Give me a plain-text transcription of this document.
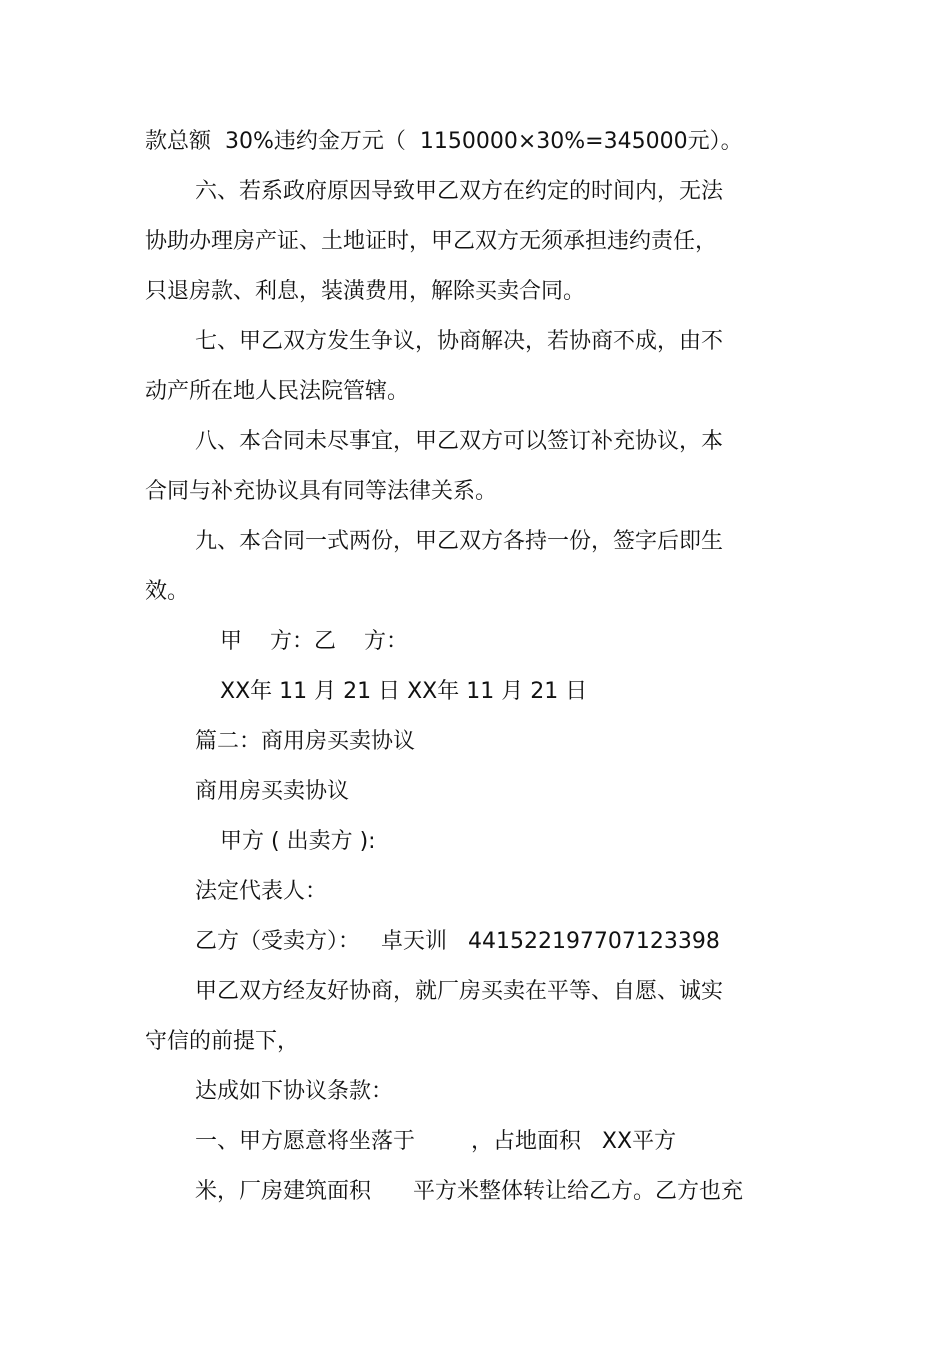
款总额  30%违约金万元（  1150000×30%=345000元）。
六、若系政府原因导致甲乙双方在约定的时间内，无法
协助办理房产证、土地证时，甲乙双方无须承担违约责任，
只退房款、利息，装潢费用，解除买卖合同。
七、甲乙双方发生争议，协商解决，若协商不成，由不
动产所在地人民法院管辖。
八、本合同未尽事宜，甲乙双方可以签订补充协议，本
合同与补充协议具有同等法律关系。
九、本合同一式两份，甲乙双方各持一份，签字后即生
效。
甲    方：乙    方：
XX年 11 月 21 日 XX年 11 月 21 日
篇二：商用房买卖协议
商用房买卖协议
甲方 ( 出卖方 ):
法定代表人：
乙方（受卖方）：   卓天训   441522197707123398
甲乙双方经友好协商，就厂房买卖在平等、自愿、诚实
守信的前提下，
达成如下协议条款：
一、甲方愿意将坐落于        ，占地面积   XX平方
米，厂房建筑面积      平方米整体转让给乙方。乙方也充
